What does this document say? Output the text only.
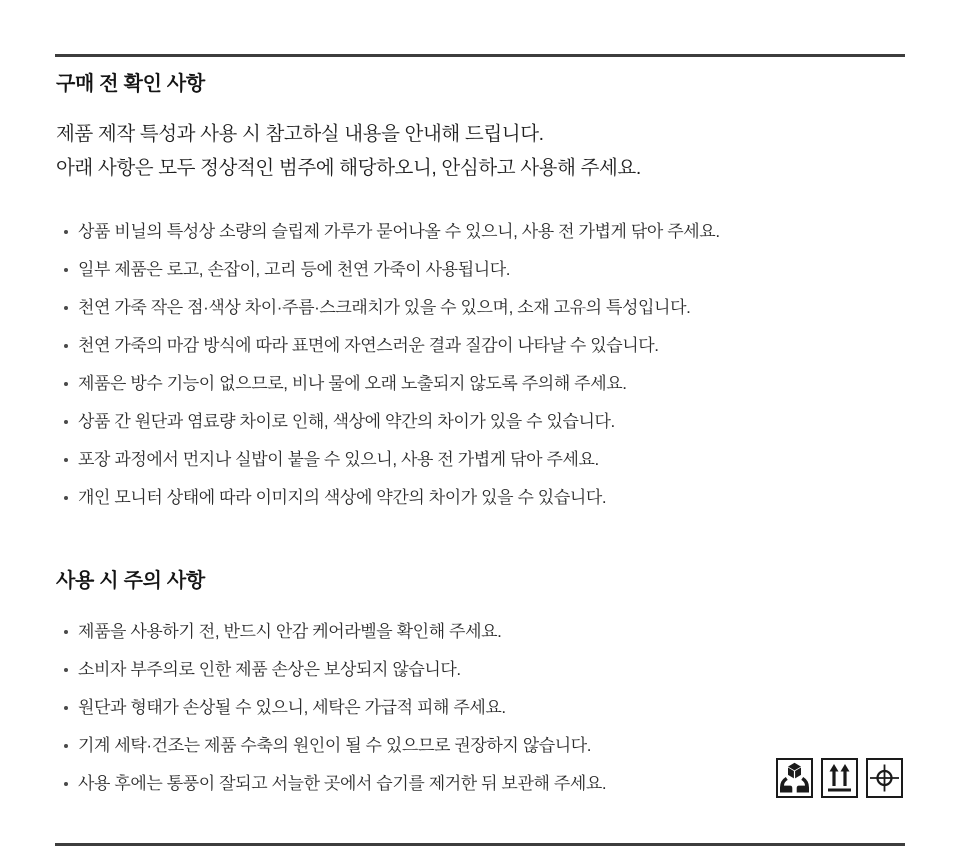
구매 전 확인 사항
제품 제작 특성과 사용 시 참고하실 내용을 안내해 드립니다.
아래 사항은 모두 정상적인 범주에 해당하오니, 안심하고 사용해 주세요.
상품 비닐의 특성상 소량의 슬립제 가루가 묻어나올 수 있으니, 사용 전 가볍게 닦아 주세요.
일부 제품은 로고, 손잡이, 고리 등에 천연 가죽이 사용됩니다.
천연 가죽 작은 점·색상 차이·주름·스크래치가 있을 수 있으며, 소재 고유의 특성입니다.
천연 가죽의 마감 방식에 따라 표면에 자연스러운 결과 질감이 나타날 수 있습니다.
제품은 방수 기능이 없으므로, 비나 물에 오래 노출되지 않도록 주의해 주세요.
상품 간 원단과 염료량 차이로 인해, 색상에 약간의 차이가 있을 수 있습니다.
포장 과정에서 먼지나 실밥이 붙을 수 있으니, 사용 전 가볍게 닦아 주세요.
개인 모니터 상태에 따라 이미지의 색상에 약간의 차이가 있을 수 있습니다.
사용 시 주의 사항
제품을 사용하기 전, 반드시 안감 케어라벨을 확인해 주세요.
소비자 부주의로 인한 제품 손상은 보상되지 않습니다.
원단과 형태가 손상될 수 있으니, 세탁은 가급적 피해 주세요.
기계 세탁·건조는 제품 수축의 원인이 될 수 있으므로 권장하지 않습니다.
사용 후에는 통풍이 잘되고 서늘한 곳에서 습기를 제거한 뒤 보관해 주세요.
